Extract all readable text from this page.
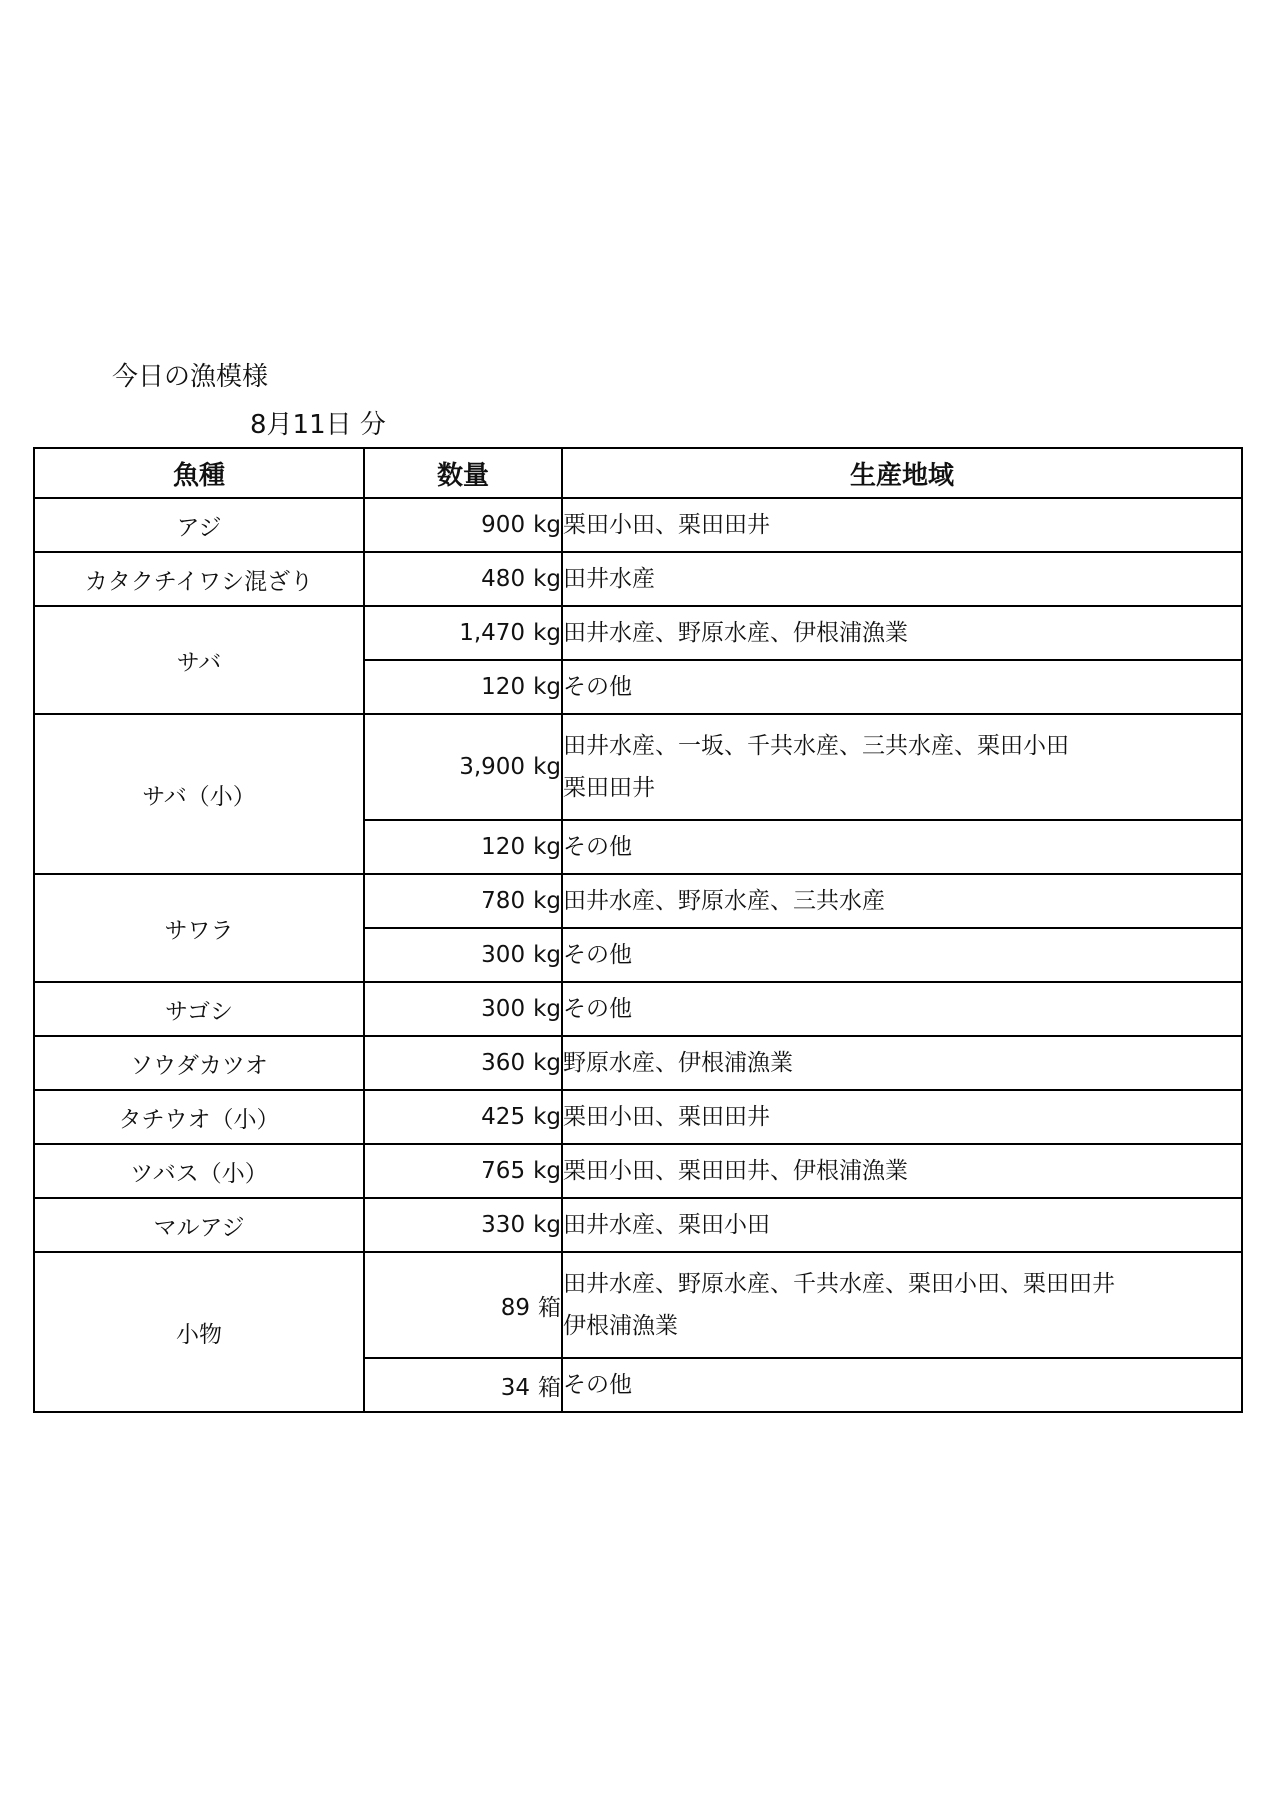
今日の漁模様
8月11日 分
魚種	数量	生産地域
アジ	900 kg	栗田小田、栗田田井

カタクチイワシ混ざり	480 kg	田井水産

サバ	1,470 kg	田井水産、野原水産、伊根浦漁業

	120 kg	その他

サバ（小）	3,900 kg	田井水産、一坂、千共水産、三共水産、栗田小田
栗田田井

	120 kg	その他

サワラ	780 kg	田井水産、野原水産、三共水産

	300 kg	その他

サゴシ	300 kg	その他

ソウダカツオ	360 kg	野原水産、伊根浦漁業

タチウオ（小）	425 kg	栗田小田、栗田田井

ツバス（小）	765 kg	栗田小田、栗田田井、伊根浦漁業

マルアジ	330 kg	田井水産、栗田小田

小物	89 箱	田井水産、野原水産、千共水産、栗田小田、栗田田井
伊根浦漁業

	34 箱	その他
